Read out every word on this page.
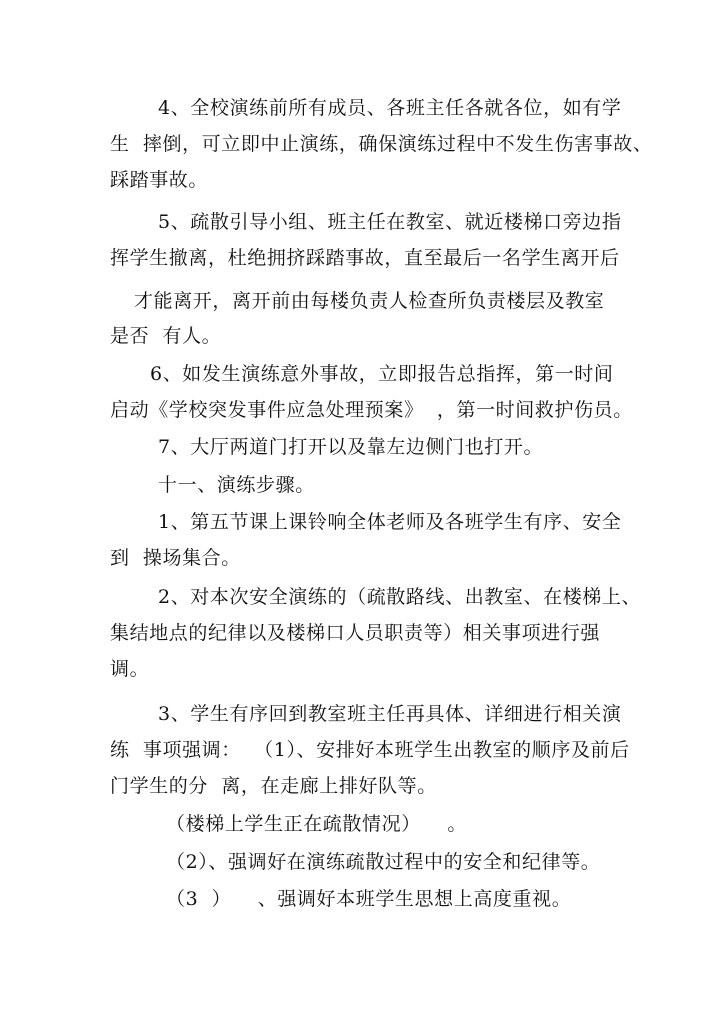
4、全校演练前所有成员、各班主任各就各位，如有学
生  摔倒，可立即中止演练，确保演练过程中不发生伤害事故、
踩踏事故。
5、疏散引导小组、班主任在教室、就近楼梯口旁边指
挥学生撤离，杜绝拥挤踩踏事故，直至最后一名学生离开后
才能离开，离开前由每楼负责人检查所负责楼层及教室
是否  有人。
6、如发生演练意外事故，立即报告总指挥，第一时间
启动《学校突发事件应急处理预案》  ，第一时间救护伤员。
7、大厅两道门打开以及靠左边侧门也打开。
十一、演练步骤。
1、第五节课上课铃响全体老师及各班学生有序、安全
到  操场集合。
2、对本次安全演练的（疏散路线、出教室、在楼梯上、
集结地点的纪律以及楼梯口人员职责等）相关事项进行强
调。
3、学生有序回到教室班主任再具体、详细进行相关演
练  事项强调：  （1）、安排好本班学生出教室的顺序及前后
门学生的分  离，在走廊上排好队等。
（楼梯上学生正在疏散情况）    。
（2）、强调好在演练疏散过程中的安全和纪律等。
（3  ）    、强调好本班学生思想上高度重视。
